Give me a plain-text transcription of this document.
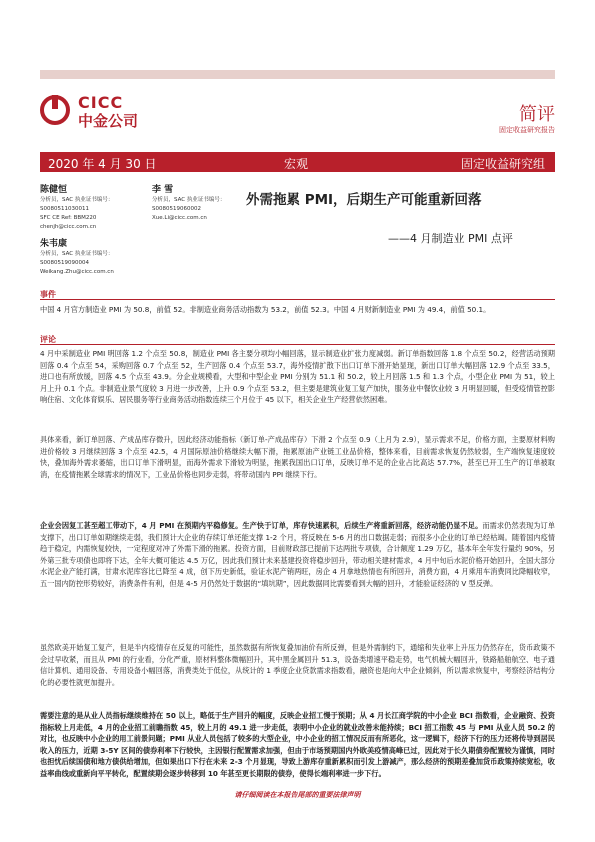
CICC
中金公司	简评
固定收益研究报告
2020 年 4 月 30 日	宏观	固定收益研究组
陈健恒
分析员，SAC 执业证书编号：
S0080511030011
SFC CE Ref: BBM220
chenjh@cicc.com.cn
李 雪
分析员，SAC 执业证书编号：
S0080519060002
Xue.Li@cicc.com.cn
朱韦康
分析员，SAC 执业证书编号：
S0080519090004
Weikang.Zhu@cicc.com.cn
外需拖累 PMI，后期生产可能重新回落
——4 月制造业 PMI 点评
事件
中国 4 月官方制造业 PMI 为 50.8，前值 52。非制造业商务活动指数为 53.2，前值 52.3。中国 4 月财新制造业 PMI 为 49.4，前值 50.1。
评论
4 月中采制造业 PMI 明回落 1.2 个点至 50.8，制造业 PMI 各主要分项均小幅回落，显示制造业扩张力度减弱。新订单指数回落 1.8 个点至 50.2，经营活动预期回落 0.4 个点至 54，采购回落 0.7 个点至 52，生产回落 0.4 个点至 53.7，海外疫情扩散下出口订单下滑开始显现，新出口订单大幅回落 12.9 个点至 33.5，进口也有所放缓，回落 4.5 个点至 43.9。分企业规模看，大型和中型企业 PMI 分别为 51.1 和 50.2，较上月回落 1.5 和 1.3 个点，小型企业 PMI 为 51，较上月上升 0.1 个点。非制造业景气度较 3 月进一步改善，上升 0.9 个点至 53.2，但主要是建筑业复工复产加快，服务业中餐饮业较 3 月明显回暖，但受疫情管控影响住宿、文化体育娱乐、居民服务等行业商务活动指数连续三个月位于 45 以下，相关企业生产经营依然困难。
具体来看，新订单回落、产成品库存微升，因此经济动能指标（新订单-产成品库存）下滑 2 个点至 0.9（上月为 2.9），显示需求不足，价格方面，主要原材料购进价格较 3 月继续回落 3 个点至 42.5，4 月国际原油价格继续大幅下滑，拖累原油产业链工业品价格，整体来看，目前需求恢复仍然较弱，生产端恢复速度较快，叠加海外需求萎缩，出口订单下滑明显，而海外需求下滑较为明显，拖累我国出口订单，反映订单不足的企业占比高达 57.7%，甚至已开工生产的订单被取消，在疫情拖累全球需求的情况下，工业品价格也同步走弱，将带动国内 PPI 继续下行。
企业会因复工甚至超工带动下，4 月 PMI 在预期内平稳修复。生产快于订单，库存快速累积，后续生产将重新回落，经济动能仍显不足。而需求仍然表现为订单支撑下，出口订单如期继续走弱，我们预计大企业的存续订单还能支撑 1-2 个月，将反映在 5-6 月的出口数据走弱；而很多小企业的订单已经枯竭。随着国内疫情趋于稳定，内需恢复较快，一定程度对冲了外需下滑的拖累。投资方面，目前财政部已提前下达两批专项债，合计额度 1.29 万亿，基本年全年发行量约 90%，另外第三批专项债也即将下达，全年大概可能达 4.5 万亿，因此我们预计未来基建投资将稳步回升，带动相关建材需求，4 月中旬后水泥价格开始回升，全国大部分水泥企业产能打满，甘肃水泥库容比已降至 4 成，创下历史新低，验证水泥产销两旺，房企 4 月拿地热情也有所回升，消费方面，4 月乘用车消费同比降幅收窄，五一国内防控形势较好，消费条件有利，但是 4-5 月仍然处于数据的“填坑期”，因此数据同比需要看到大幅的回升，才能验证经济的 V 型反弹。
虽然欧美开始复工复产，但是半内疫情存在反复的可能性，虽然数据有所恢复叠加油价有所反弹，但是外需制约下，通缩和失业率上升压力仍然存在，货币政策不会过早收紧，而且从 PMI 的行业看，分化严重，原材料整体微幅回升，其中黑金属回升 51.3，设备类增速平稳走势，电气机械大幅回升，铁路船舶航空、电子通信计算机、通用设备、专用设备小幅回落，消费类处于低位，从统计的 1 季度企业贷款需求指数看，融资也是向大中企业倾斜，所以需求恢复中，考察经济结构分化的必要性就更加提升。
需要注意的是从业人员指标继续维持在 50 以上，略低于生产回升的幅度，反映企业招工慢于预期；从 4 月长江商学院的中小企业 BCI 指数看，企业融资、投资指标较上月走低，4 月的企业招工前瞻指数 45，较上月的 49.1 进一步走低，表明中小企业的就业改善未能持续；BCI 招工指数 45 与 PMI 从业人员 50.2 的对比，也反映中小企业的用工前景问题；PMI 从业人员包括了较多的大型企业，中小企业的招工情况反而有所恶化，这一逻辑下，经济下行的压力还将传导到居民收入的压力，近期 3-5Y 区间的债券利率下行较快，主因银行配置需求加强，但由于市场预期国内外欧美疫情高峰已过，因此对于长久期债券配置较为谨慎，同时也担忧后续国债和地方债供给增加，但如果出口下行在未来 2-3 个月显现，导致上游库存重新累积而引发上游减产，那么经济的预期差叠加货币政策持续宽松，收益率曲线或重新向平平转化，配置续期会逐步转移到 10 年甚至更长期限的债券，使得长端利率进一步下行。
请仔细阅读在本报告尾部的重要法律声明
